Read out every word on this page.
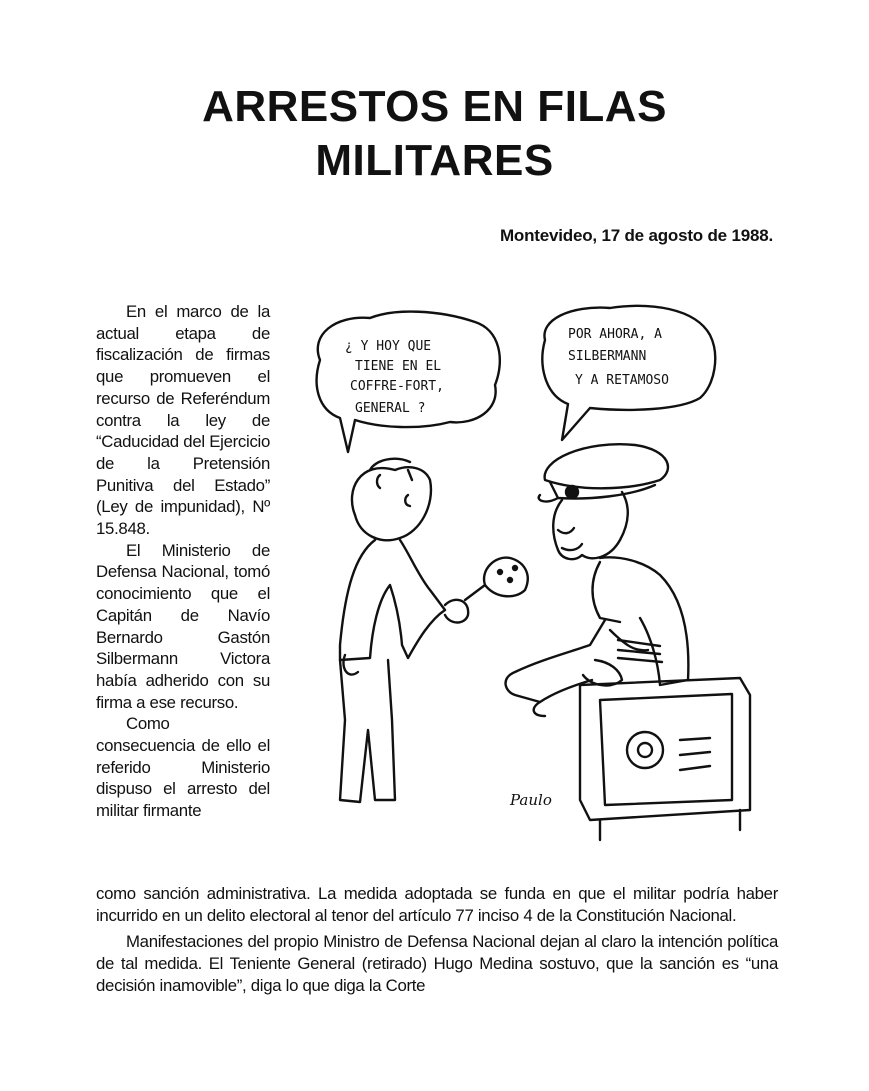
ARRESTOS EN FILAS
MILITARES
Montevideo, 17 de agosto de 1988.

En el marco de la actual etapa de fiscalización de firmas que promueven el recurso de Referéndum contra la ley de “Caducidad del Ejercicio de la Pretensión Punitiva del Estado” (Ley de impunidad), Nº 15.848.

El Ministerio de Defensa Nacional, tomó conocimiento que el Capitán de Navío Bernardo Gastón Silbermann Victora había adherido con su firma a ese recurso.

Como consecuencia de ello el referido Ministerio dispuso el arresto del militar firmante

¿ Y HOY QUE
TIENE EN EL
COFFRE-FORT,
GENERAL ?
POR AHORA, A
SILBERMANN
Y A RETAMOSO
Paulo

como sanción administrativa. La medida adoptada se funda en que el militar podría haber incurrido en un delito electoral al tenor del artículo 77 inciso 4 de la Constitución Nacional.

Manifestaciones del propio Ministro de Defensa Nacional dejan al claro la intención política de tal medida. El Teniente General (retirado) Hugo Medina sostuvo, que la sanción es “una decisión inamovible”, diga lo que diga la Corte
